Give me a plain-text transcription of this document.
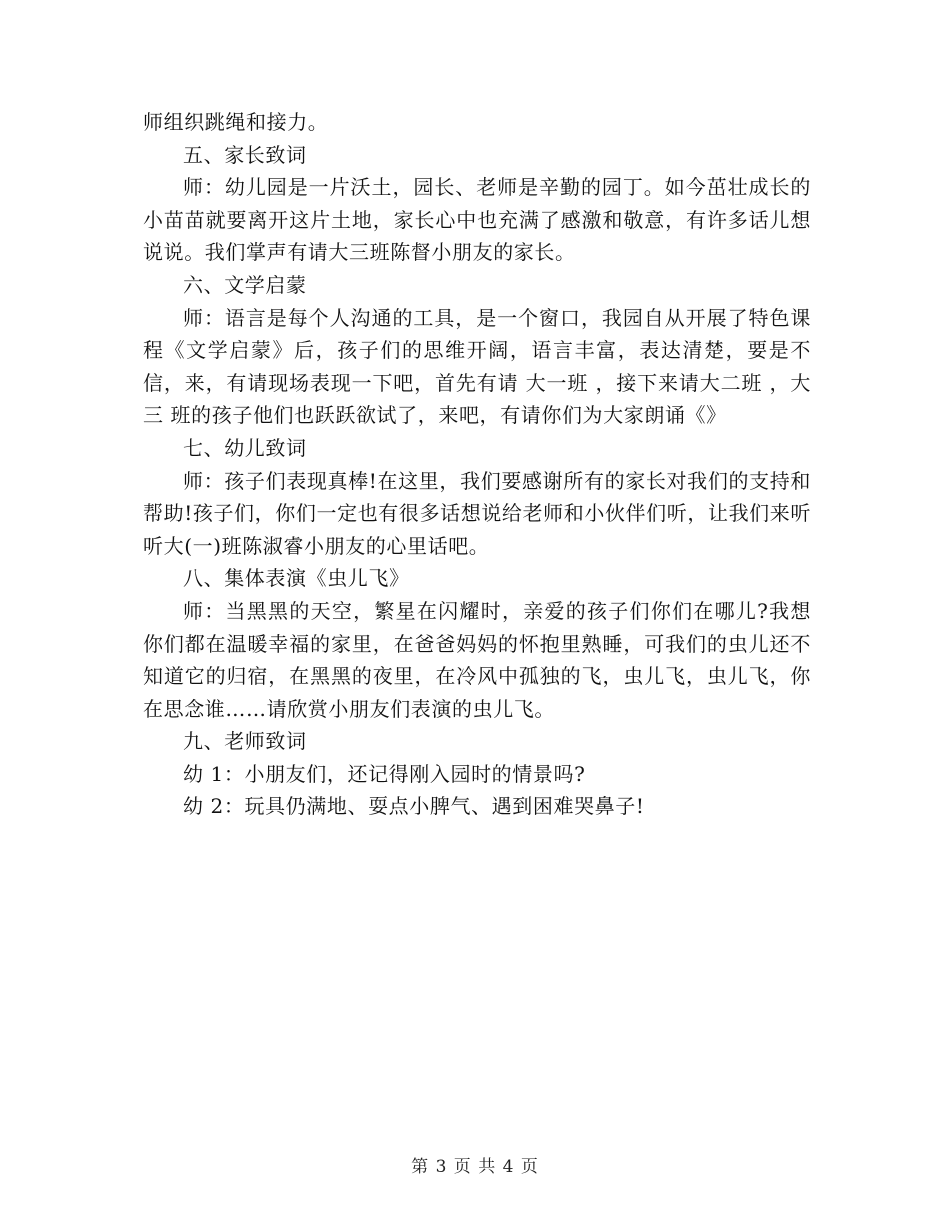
师组织跳绳和接力。

五、家长致词

师：幼儿园是一片沃土，园长、老师是辛勤的园丁。如今茁壮成长的小苗苗就要离开这片土地，家长心中也充满了感激和敬意，有许多话儿想说说。我们掌声有请大三班陈督小朋友的家长。

六、文学启蒙

师：语言是每个人沟通的工具，是一个窗口，我园自从开展了特色课程《文学启蒙》后，孩子们的思维开阔，语言丰富，表达清楚，要是不信，来，有请现场表现一下吧，首先有请 大一班 ，接下来请大二班 ，大三 班的孩子他们也跃跃欲试了，来吧，有请你们为大家朗诵《》

七、幼儿致词

师：孩子们表现真棒!在这里，我们要感谢所有的家长对我们的支持和帮助!孩子们，你们一定也有很多话想说给老师和小伙伴们听，让我们来听听大(一)班陈淑睿小朋友的心里话吧。

八、集体表演《虫儿飞》

师：当黑黑的天空，繁星在闪耀时，亲爱的孩子们你们在哪儿?我想你们都在温暖幸福的家里，在爸爸妈妈的怀抱里熟睡，可我们的虫儿还不知道它的归宿，在黑黑的夜里，在冷风中孤独的飞，虫儿飞，虫儿飞，你在思念谁……请欣赏小朋友们表演的虫儿飞。

九、老师致词

幼 1：小朋友们，还记得刚入园时的情景吗?

幼 2：玩具仍满地、耍点小脾气、遇到困难哭鼻子!

第 3 页 共 4 页
